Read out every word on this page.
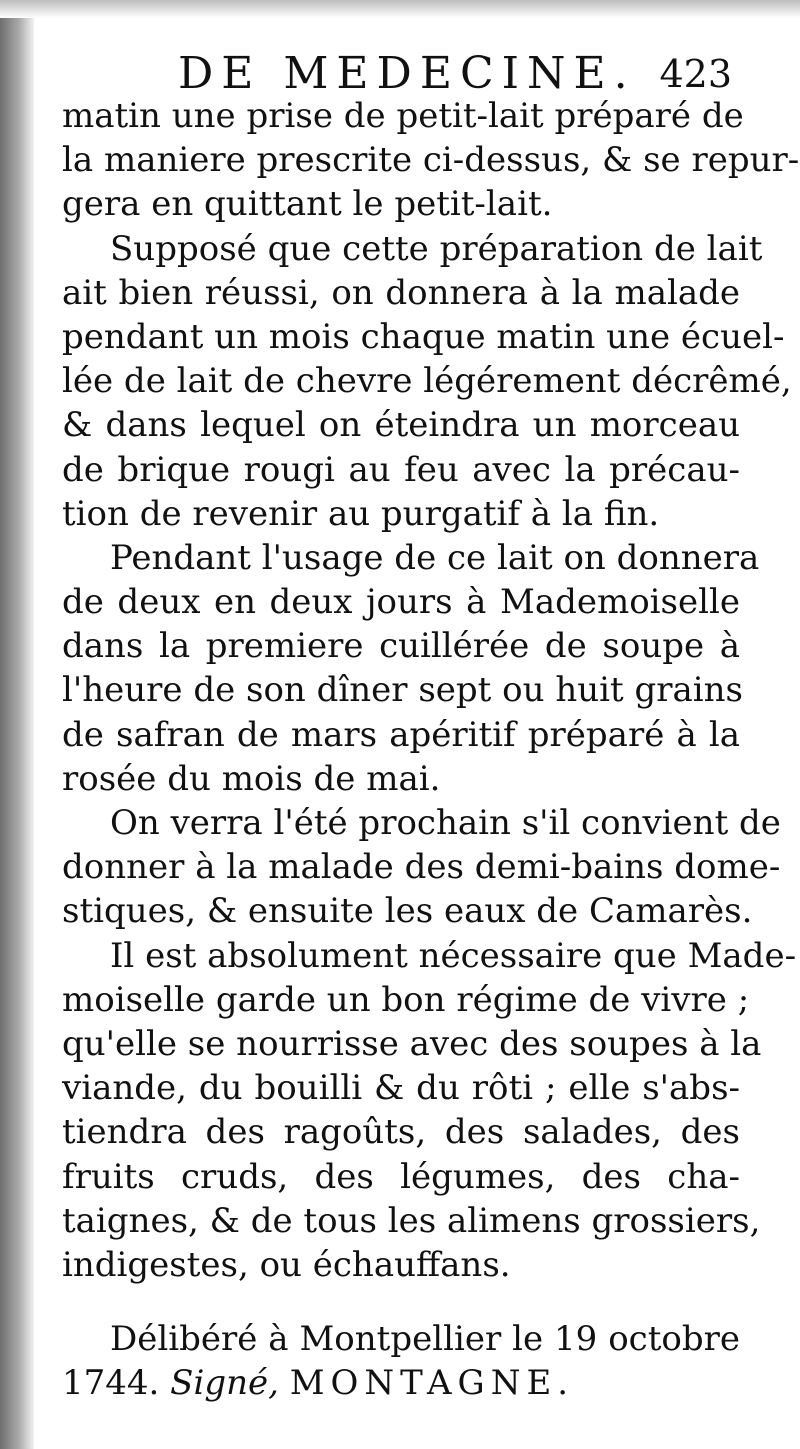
DE MEDECINE. 423
matin une prise de petit-lait préparé de
la maniere prescrite ci-dessus, & se repur-
gera en quittant le petit-lait.
Supposé que cette préparation de lait
ait bien réussi, on donnera à la malade
pendant un mois chaque matin une écuel-
lée de lait de chevre légérement décrêmé,
& dans lequel on éteindra un morceau
de brique rougi au feu avec la précau-
tion de revenir au purgatif à la fin.
Pendant l'usage de ce lait on donnera
de deux en deux jours à Mademoiselle
dans la premiere cuillérée de soupe à
l'heure de son dîner sept ou huit grains
de safran de mars apéritif préparé à la
rosée du mois de mai.
On verra l'été prochain s'il convient de
donner à la malade des demi-bains dome-
stiques, & ensuite les eaux de Camarès.
Il est absolument nécessaire que Made-
moiselle garde un bon régime de vivre ;
qu'elle se nourrisse avec des soupes à la
viande, du bouilli & du rôti ; elle s'abs-
tiendra des ragoûts, des salades, des
fruits cruds, des légumes, des cha-
taignes, & de tous les alimens grossiers,
indigestes, ou échauffans.
Délibéré à Montpellier le 19 octobre
1744. Signé, MONTAGNE.
